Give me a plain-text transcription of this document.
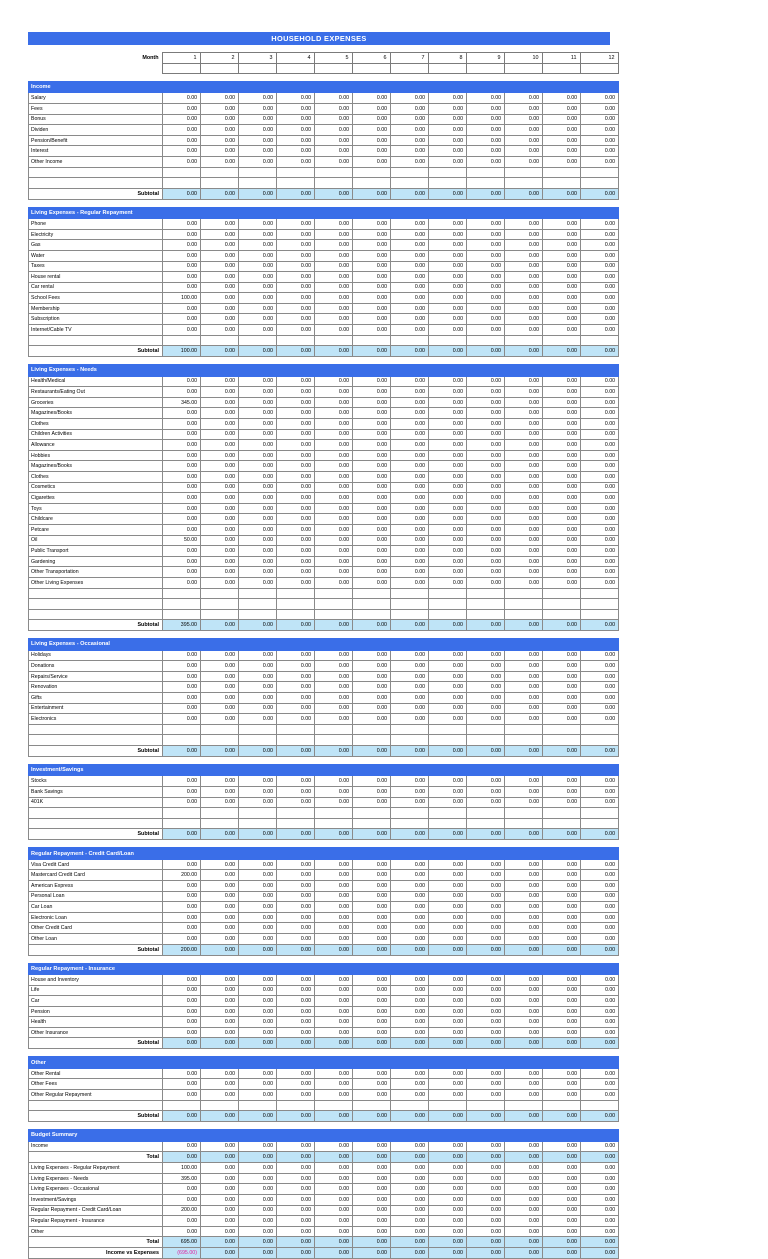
HOUSEHOLD EXPENSES
Month	1	2	3	4	5	6	7	8	9	10	11	12

Income												
Salary	0.00	0.00	0.00	0.00	0.00	0.00	0.00	0.00	0.00	0.00	0.00	0.00
Fees	0.00	0.00	0.00	0.00	0.00	0.00	0.00	0.00	0.00	0.00	0.00	0.00
Bonus	0.00	0.00	0.00	0.00	0.00	0.00	0.00	0.00	0.00	0.00	0.00	0.00
Dividen	0.00	0.00	0.00	0.00	0.00	0.00	0.00	0.00	0.00	0.00	0.00	0.00
Pension/Benefit	0.00	0.00	0.00	0.00	0.00	0.00	0.00	0.00	0.00	0.00	0.00	0.00
Interest	0.00	0.00	0.00	0.00	0.00	0.00	0.00	0.00	0.00	0.00	0.00	0.00
Other Income	0.00	0.00	0.00	0.00	0.00	0.00	0.00	0.00	0.00	0.00	0.00	0.00

Subtotal	0.00	0.00	0.00	0.00	0.00	0.00	0.00	0.00	0.00	0.00	0.00	0.00
Living Expenses - Regular Repayment												
Phone	0.00	0.00	0.00	0.00	0.00	0.00	0.00	0.00	0.00	0.00	0.00	0.00
Electricity	0.00	0.00	0.00	0.00	0.00	0.00	0.00	0.00	0.00	0.00	0.00	0.00
Gas	0.00	0.00	0.00	0.00	0.00	0.00	0.00	0.00	0.00	0.00	0.00	0.00
Water	0.00	0.00	0.00	0.00	0.00	0.00	0.00	0.00	0.00	0.00	0.00	0.00
Taxes	0.00	0.00	0.00	0.00	0.00	0.00	0.00	0.00	0.00	0.00	0.00	0.00
House rental	0.00	0.00	0.00	0.00	0.00	0.00	0.00	0.00	0.00	0.00	0.00	0.00
Car rental	0.00	0.00	0.00	0.00	0.00	0.00	0.00	0.00	0.00	0.00	0.00	0.00
School Fees	100.00	0.00	0.00	0.00	0.00	0.00	0.00	0.00	0.00	0.00	0.00	0.00
Membership	0.00	0.00	0.00	0.00	0.00	0.00	0.00	0.00	0.00	0.00	0.00	0.00
Subscription	0.00	0.00	0.00	0.00	0.00	0.00	0.00	0.00	0.00	0.00	0.00	0.00
Internet/Cable TV	0.00	0.00	0.00	0.00	0.00	0.00	0.00	0.00	0.00	0.00	0.00	0.00

Subtotal	100.00	0.00	0.00	0.00	0.00	0.00	0.00	0.00	0.00	0.00	0.00	0.00
Living Expenses - Needs												
Health/Medical	0.00	0.00	0.00	0.00	0.00	0.00	0.00	0.00	0.00	0.00	0.00	0.00
Restaurants/Eating Out	0.00	0.00	0.00	0.00	0.00	0.00	0.00	0.00	0.00	0.00	0.00	0.00
Groceries	345.00	0.00	0.00	0.00	0.00	0.00	0.00	0.00	0.00	0.00	0.00	0.00
Magazines/Books	0.00	0.00	0.00	0.00	0.00	0.00	0.00	0.00	0.00	0.00	0.00	0.00
Clothes	0.00	0.00	0.00	0.00	0.00	0.00	0.00	0.00	0.00	0.00	0.00	0.00
Children Activities	0.00	0.00	0.00	0.00	0.00	0.00	0.00	0.00	0.00	0.00	0.00	0.00
Allowance	0.00	0.00	0.00	0.00	0.00	0.00	0.00	0.00	0.00	0.00	0.00	0.00
Hobbies	0.00	0.00	0.00	0.00	0.00	0.00	0.00	0.00	0.00	0.00	0.00	0.00
Magazines/Books	0.00	0.00	0.00	0.00	0.00	0.00	0.00	0.00	0.00	0.00	0.00	0.00
Clothes	0.00	0.00	0.00	0.00	0.00	0.00	0.00	0.00	0.00	0.00	0.00	0.00
Cosmetics	0.00	0.00	0.00	0.00	0.00	0.00	0.00	0.00	0.00	0.00	0.00	0.00
Cigarettes	0.00	0.00	0.00	0.00	0.00	0.00	0.00	0.00	0.00	0.00	0.00	0.00
Toys	0.00	0.00	0.00	0.00	0.00	0.00	0.00	0.00	0.00	0.00	0.00	0.00
Childcare	0.00	0.00	0.00	0.00	0.00	0.00	0.00	0.00	0.00	0.00	0.00	0.00
Petcare	0.00	0.00	0.00	0.00	0.00	0.00	0.00	0.00	0.00	0.00	0.00	0.00
Oil	50.00	0.00	0.00	0.00	0.00	0.00	0.00	0.00	0.00	0.00	0.00	0.00
Public Transport	0.00	0.00	0.00	0.00	0.00	0.00	0.00	0.00	0.00	0.00	0.00	0.00
Gardening	0.00	0.00	0.00	0.00	0.00	0.00	0.00	0.00	0.00	0.00	0.00	0.00
Other Transportation	0.00	0.00	0.00	0.00	0.00	0.00	0.00	0.00	0.00	0.00	0.00	0.00
Other Living Expenses	0.00	0.00	0.00	0.00	0.00	0.00	0.00	0.00	0.00	0.00	0.00	0.00

Subtotal	395.00	0.00	0.00	0.00	0.00	0.00	0.00	0.00	0.00	0.00	0.00	0.00
Living Expenses - Occasional												
Holidays	0.00	0.00	0.00	0.00	0.00	0.00	0.00	0.00	0.00	0.00	0.00	0.00
Donations	0.00	0.00	0.00	0.00	0.00	0.00	0.00	0.00	0.00	0.00	0.00	0.00
Repairs/Service	0.00	0.00	0.00	0.00	0.00	0.00	0.00	0.00	0.00	0.00	0.00	0.00
Renovation	0.00	0.00	0.00	0.00	0.00	0.00	0.00	0.00	0.00	0.00	0.00	0.00
Gifts	0.00	0.00	0.00	0.00	0.00	0.00	0.00	0.00	0.00	0.00	0.00	0.00
Entertainment	0.00	0.00	0.00	0.00	0.00	0.00	0.00	0.00	0.00	0.00	0.00	0.00
Electronics	0.00	0.00	0.00	0.00	0.00	0.00	0.00	0.00	0.00	0.00	0.00	0.00

Subtotal	0.00	0.00	0.00	0.00	0.00	0.00	0.00	0.00	0.00	0.00	0.00	0.00
Investment/Savings												
Stocks	0.00	0.00	0.00	0.00	0.00	0.00	0.00	0.00	0.00	0.00	0.00	0.00
Bank Savings	0.00	0.00	0.00	0.00	0.00	0.00	0.00	0.00	0.00	0.00	0.00	0.00
401K	0.00	0.00	0.00	0.00	0.00	0.00	0.00	0.00	0.00	0.00	0.00	0.00

Subtotal	0.00	0.00	0.00	0.00	0.00	0.00	0.00	0.00	0.00	0.00	0.00	0.00
Regular Repayment - Credit Card/Loan												
Visa Credit Card	0.00	0.00	0.00	0.00	0.00	0.00	0.00	0.00	0.00	0.00	0.00	0.00
Mastercard Credit Card	200.00	0.00	0.00	0.00	0.00	0.00	0.00	0.00	0.00	0.00	0.00	0.00
American Express	0.00	0.00	0.00	0.00	0.00	0.00	0.00	0.00	0.00	0.00	0.00	0.00
Personal Loan	0.00	0.00	0.00	0.00	0.00	0.00	0.00	0.00	0.00	0.00	0.00	0.00
Car Loan	0.00	0.00	0.00	0.00	0.00	0.00	0.00	0.00	0.00	0.00	0.00	0.00
Electronic Loan	0.00	0.00	0.00	0.00	0.00	0.00	0.00	0.00	0.00	0.00	0.00	0.00
Other Credit Card	0.00	0.00	0.00	0.00	0.00	0.00	0.00	0.00	0.00	0.00	0.00	0.00
Other Loan	0.00	0.00	0.00	0.00	0.00	0.00	0.00	0.00	0.00	0.00	0.00	0.00
Subtotal	200.00	0.00	0.00	0.00	0.00	0.00	0.00	0.00	0.00	0.00	0.00	0.00
Regular Repayment - Insurance												
House and Inventory	0.00	0.00	0.00	0.00	0.00	0.00	0.00	0.00	0.00	0.00	0.00	0.00
Life	0.00	0.00	0.00	0.00	0.00	0.00	0.00	0.00	0.00	0.00	0.00	0.00
Car	0.00	0.00	0.00	0.00	0.00	0.00	0.00	0.00	0.00	0.00	0.00	0.00
Pension	0.00	0.00	0.00	0.00	0.00	0.00	0.00	0.00	0.00	0.00	0.00	0.00
Health	0.00	0.00	0.00	0.00	0.00	0.00	0.00	0.00	0.00	0.00	0.00	0.00
Other Insurance	0.00	0.00	0.00	0.00	0.00	0.00	0.00	0.00	0.00	0.00	0.00	0.00
Subtotal	0.00	0.00	0.00	0.00	0.00	0.00	0.00	0.00	0.00	0.00	0.00	0.00
Other												
Other Rental	0.00	0.00	0.00	0.00	0.00	0.00	0.00	0.00	0.00	0.00	0.00	0.00
Other Fees	0.00	0.00	0.00	0.00	0.00	0.00	0.00	0.00	0.00	0.00	0.00	0.00
Other Regular Repayment	0.00	0.00	0.00	0.00	0.00	0.00	0.00	0.00	0.00	0.00	0.00	0.00

Subtotal	0.00	0.00	0.00	0.00	0.00	0.00	0.00	0.00	0.00	0.00	0.00	0.00
Budget Summary												
Income	0.00	0.00	0.00	0.00	0.00	0.00	0.00	0.00	0.00	0.00	0.00	0.00
Total	0.00	0.00	0.00	0.00	0.00	0.00	0.00	0.00	0.00	0.00	0.00	0.00
Living Expenses - Regular Repayment	100.00	0.00	0.00	0.00	0.00	0.00	0.00	0.00	0.00	0.00	0.00	0.00
Living Expenses - Needs	395.00	0.00	0.00	0.00	0.00	0.00	0.00	0.00	0.00	0.00	0.00	0.00
Living Expenses - Occasional	0.00	0.00	0.00	0.00	0.00	0.00	0.00	0.00	0.00	0.00	0.00	0.00
Investment/Savings	0.00	0.00	0.00	0.00	0.00	0.00	0.00	0.00	0.00	0.00	0.00	0.00
Regular Repayment - Credit Card/Loan	200.00	0.00	0.00	0.00	0.00	0.00	0.00	0.00	0.00	0.00	0.00	0.00
Regular Repayment - Insurance	0.00	0.00	0.00	0.00	0.00	0.00	0.00	0.00	0.00	0.00	0.00	0.00
Other	0.00	0.00	0.00	0.00	0.00	0.00	0.00	0.00	0.00	0.00	0.00	0.00
Total	695.00	0.00	0.00	0.00	0.00	0.00	0.00	0.00	0.00	0.00	0.00	0.00
Income vs Expenses	(695.00)	0.00	0.00	0.00	0.00	0.00	0.00	0.00	0.00	0.00	0.00	0.00
